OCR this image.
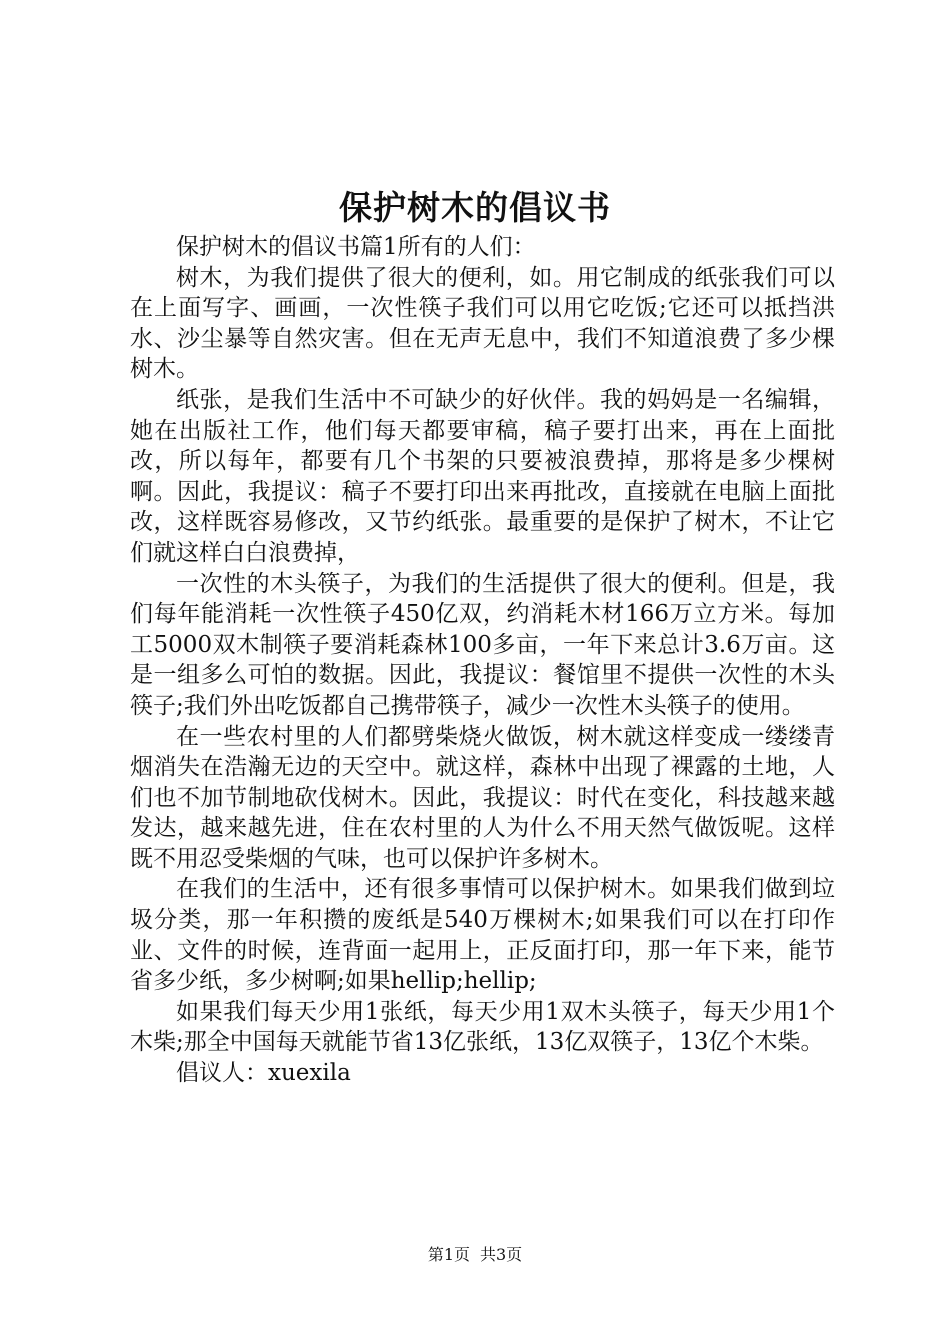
保护树木的倡议书

保护树木的倡议书篇1所有的人们：

树木，为我们提供了很大的便利，如。用它制成的纸张我们可以在上面写字、画画，一次性筷子我们可以用它吃饭;它还可以抵挡洪水、沙尘暴等自然灾害。但在无声无息中，我们不知道浪费了多少棵树木。

纸张，是我们生活中不可缺少的好伙伴。我的妈妈是一名编辑，她在出版社工作，他们每天都要审稿，稿子要打出来，再在上面批改，所以每年，都要有几个书架的只要被浪费掉，那将是多少棵树啊。因此，我提议：稿子不要打印出来再批改，直接就在电脑上面批改，这样既容易修改，又节约纸张。最重要的是保护了树木，不让它们就这样白白浪费掉，

一次性的木头筷子，为我们的生活提供了很大的便利。但是，我们每年能消耗一次性筷子450亿双，约消耗木材166万立方米。每加工5000双木制筷子要消耗森林100多亩，一年下来总计3.6万亩。这是一组多么可怕的数据。因此，我提议：餐馆里不提供一次性的木头筷子;我们外出吃饭都自己携带筷子，减少一次性木头筷子的使用。

在一些农村里的人们都劈柴烧火做饭，树木就这样变成一缕缕青烟消失在浩瀚无边的天空中。就这样，森林中出现了裸露的土地，人们也不加节制地砍伐树木。因此，我提议：时代在变化，科技越来越发达，越来越先进，住在农村里的人为什么不用天然气做饭呢。这样既不用忍受柴烟的气味，也可以保护许多树木。

在我们的生活中，还有很多事情可以保护树木。如果我们做到垃圾分类，那一年积攒的废纸是540万棵树木;如果我们可以在打印作业、文件的时候，连背面一起用上，正反面打印，那一年下来，能节省多少纸，多少树啊;如果hellip;hellip;

如果我们每天少用1张纸，每天少用1双木头筷子，每天少用1个木柴;那全中国每天就能节省13亿张纸，13亿双筷子，13亿个木柴。

倡议人：xuexila

第1页 共3页
